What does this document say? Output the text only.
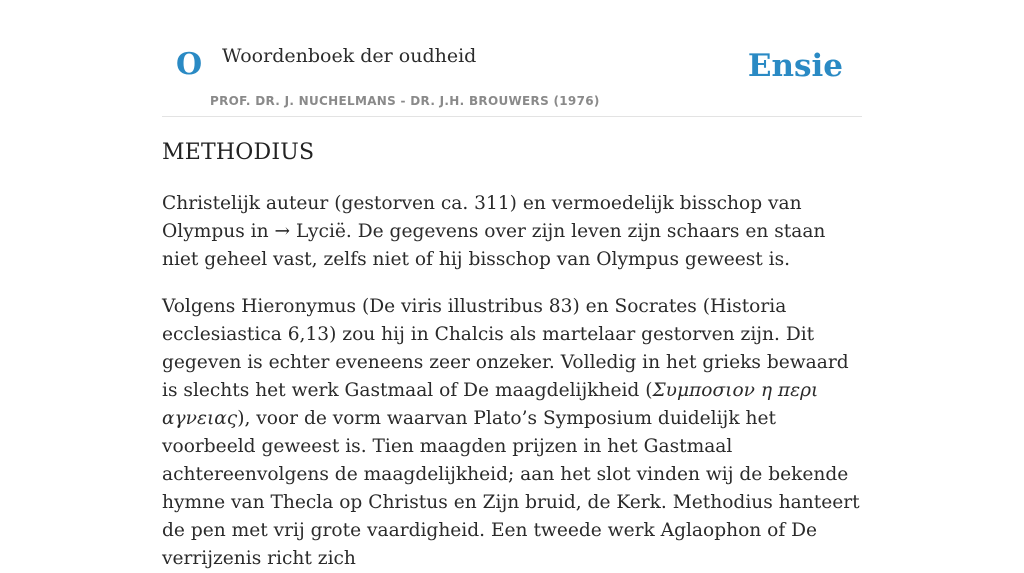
O Woordenboek der oudheid
PROF. DR. J. NUCHELMANS - DR. J.H. BROUWERS (1976)
Ensie
METHODIUS

Christelijk auteur (gestorven ca. 311) en vermoedelijk bisschop van Olympus in → Lycië. De gegevens over zijn leven zijn schaars en staan niet geheel vast, zelfs niet of hij bisschop van Olympus geweest is.

Volgens Hieronymus (De viris illustribus 83) en Socrates (Historia ecclesiastica 6,13) zou hij in Chalcis als martelaar gestorven zijn. Dit gegeven is echter eveneens zeer onzeker. Volledig in het grieks bewaard is slechts het werk Gastmaal of De maagdelijkheid (Συμποσιον η περι αγνειας), voor de vorm waarvan Plato’s Symposium duidelijk het voorbeeld geweest is. Tien maagden prijzen in het Gastmaal achtereenvolgens de maagdelijkheid; aan het slot vinden wij de bekende hymne van Thecla op Christus en Zijn bruid, de Kerk. Methodius hanteert de pen met vrij grote vaardigheid. Een tweede werk Aglaophon of De verrijzenis richt zich
